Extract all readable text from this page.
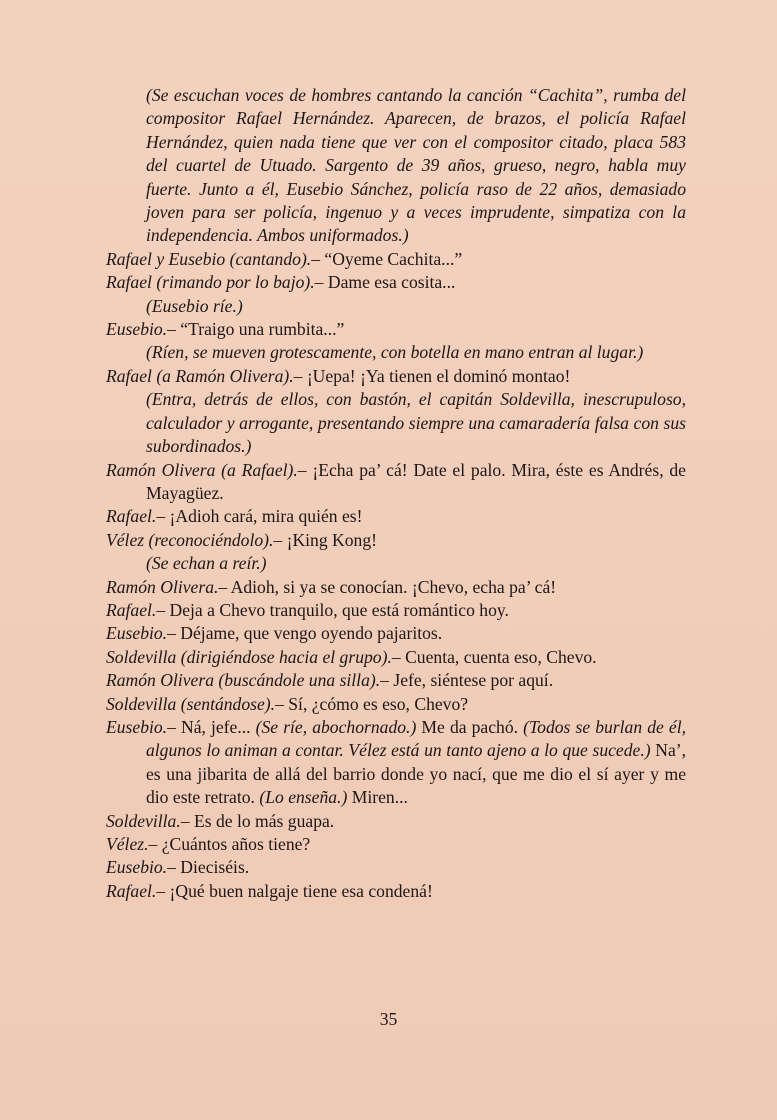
(Se escuchan voces de hombres cantando la canción “Cachita”, rumba del compositor Rafael Hernández. Aparecen, de brazos, el policía Rafael Hernández, quien nada tiene que ver con el compositor citado, placa 583 del cuartel de Utuado. Sargento de 39 años, grueso, negro, habla muy fuerte. Junto a él, Eusebio Sánchez, policía raso de 22 años, demasiado joven para ser policía, ingenuo y a veces imprudente, simpatiza con la independencia. Ambos uniformados.)

Rafael y Eusebio (cantando).– “Oyeme Cachita...”

Rafael (rimando por lo bajo).– Dame esa cosita...

(Eusebio ríe.)

Eusebio.– “Traigo una rumbita...”

(Ríen, se mueven grotescamente, con botella en mano entran al lugar.)

Rafael (a Ramón Olivera).– ¡Uepa! ¡Ya tienen el dominó montao!

(Entra, detrás de ellos, con bastón, el capitán Soldevilla, inescrupuloso, calculador y arrogante, presentando siempre una camaradería falsa con sus subordinados.)

Ramón Olivera (a Rafael).– ¡Echa pa’ cá! Date el palo. Mira, éste es Andrés, de Mayagüez.

Rafael.– ¡Adioh cará, mira quién es!

Vélez (reconociéndolo).– ¡King Kong!

(Se echan a reír.)

Ramón Olivera.– Adioh, si ya se conocían. ¡Chevo, echa pa’ cá!

Rafael.– Deja a Chevo tranquilo, que está romántico hoy.

Eusebio.– Déjame, que vengo oyendo pajaritos.

Soldevilla (dirigiéndose hacia el grupo).– Cuenta, cuenta eso, Chevo.

Ramón Olivera (buscándole una silla).– Jefe, siéntese por aquí.

Soldevilla (sentándose).– Sí, ¿cómo es eso, Chevo?

Eusebio.– Ná, jefe... (Se ríe, abochornado.) Me da pachó. (Todos se burlan de él, algunos lo animan a contar. Vélez está un tanto ajeno a lo que sucede.) Na’, es una jibarita de allá del barrio donde yo nací, que me dio el sí ayer y me dio este retrato. (Lo enseña.) Miren...

Soldevilla.– Es de lo más guapa.

Vélez.– ¿Cuántos años tiene?

Eusebio.– Dieciséis.

Rafael.– ¡Qué buen nalgaje tiene esa condená!

35
